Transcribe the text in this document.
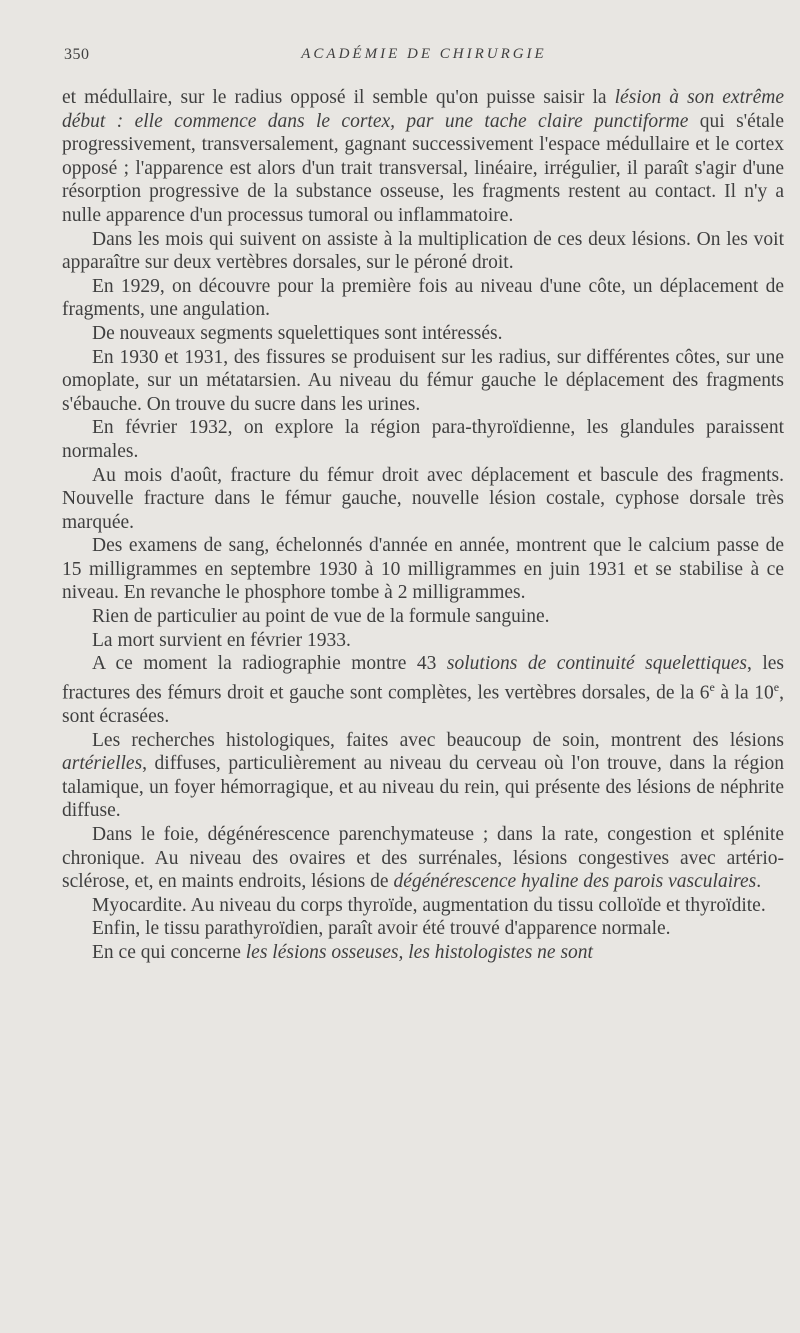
350	ACADÉMIE DE CHIRURGIE

et médullaire, sur le radius opposé il semble qu'on puisse saisir la lésion à son extrême début : elle commence dans le cortex, par une tache claire punctiforme qui s'étale progressivement, transversalement, gagnant successivement l'espace médullaire et le cortex opposé ; l'apparence est alors d'un trait transversal, linéaire, irrégulier, il paraît s'agir d'une résorption progressive de la substance osseuse, les fragments restent au contact. Il n'y a nulle apparence d'un processus tumoral ou inflammatoire.

Dans les mois qui suivent on assiste à la multiplication de ces deux lésions. On les voit apparaître sur deux vertèbres dorsales, sur le péroné droit.

En 1929, on découvre pour la première fois au niveau d'une côte, un déplacement de fragments, une angulation.

De nouveaux segments squelettiques sont intéressés.

En 1930 et 1931, des fissures se produisent sur les radius, sur différentes côtes, sur une omoplate, sur un métatarsien. Au niveau du fémur gauche le déplacement des fragments s'ébauche. On trouve du sucre dans les urines.

En février 1932, on explore la région para-thyroïdienne, les glandules paraissent normales.

Au mois d'août, fracture du fémur droit avec déplacement et bascule des fragments. Nouvelle fracture dans le fémur gauche, nouvelle lésion costale, cyphose dorsale très marquée.

Des examens de sang, échelonnés d'année en année, montrent que le calcium passe de 15 milligrammes en septembre 1930 à 10 milligrammes en juin 1931 et se stabilise à ce niveau. En revanche le phosphore tombe à 2 milligrammes.

Rien de particulier au point de vue de la formule sanguine.

La mort survient en février 1933.

A ce moment la radiographie montre 43 solutions de continuité squelettiques, les fractures des fémurs droit et gauche sont complètes, les vertèbres dorsales, de la 6e à la 10e, sont écrasées.

Les recherches histologiques, faites avec beaucoup de soin, montrent des lésions artérielles, diffuses, particulièrement au niveau du cerveau où l'on trouve, dans la région talamique, un foyer hémorragique, et au niveau du rein, qui présente des lésions de néphrite diffuse.

Dans le foie, dégénérescence parenchymateuse ; dans la rate, congestion et splénite chronique. Au niveau des ovaires et des surrénales, lésions congestives avec artério-sclérose, et, en maints endroits, lésions de dégénérescence hyaline des parois vasculaires.

Myocardite. Au niveau du corps thyroïde, augmentation du tissu colloïde et thyroïdite.

Enfin, le tissu parathyroïdien, paraît avoir été trouvé d'apparence normale.

En ce qui concerne les lésions osseuses, les histologistes ne sont
